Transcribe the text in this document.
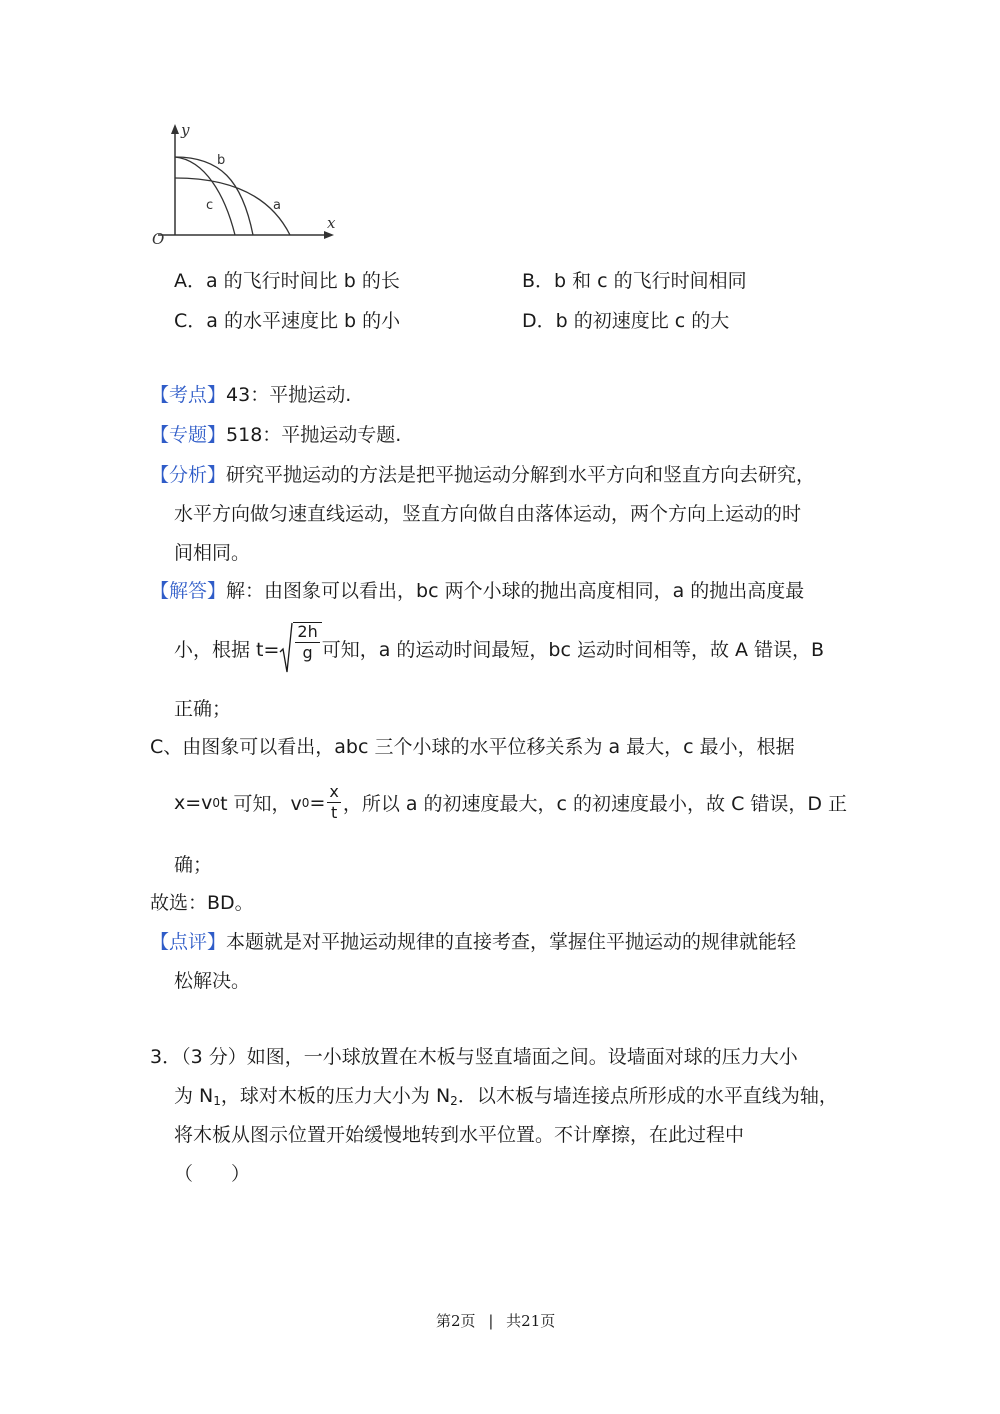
y
x
O
a
b
c
A．a 的飞行时间比 b 的长	B．b 和 c 的飞行时间相同
C．a 的水平速度比 b 的小	D．b 的初速度比 c 的大
【考点】43：平抛运动.
【专题】518：平抛运动专题.
【分析】研究平抛运动的方法是把平抛运动分解到水平方向和竖直方向去研究，
水平方向做匀速直线运动，竖直方向做自由落体运动，两个方向上运动的时
间相同。
【解答】解：由图象可以看出，bc 两个小球的抛出高度相同，a 的抛出高度最
小，根据 $t= \frac{2h}{g}$ 可知，a 的运动时间最短，bc 运动时间相等，故 A 错误，B
正确；
C、由图象可以看出，abc 三个小球的水平位移关系为 a 最大，c 最小，根据
x=v 0 t 可知，v $0 = \frac{x}{t}$ ，所以 a 的初速度最大，c 的初速度最小，故 C 错误，D 正
确；
故选：BD。
【点评】本题就是对平抛运动规律的直接考查，掌握住平抛运动的规律就能轻
松解决。
3．（3 分）如图，一小球放置在木板与竖直墙面之间。设墙面对球的压力大小
为 $N_1$，球对木板的压力大小为 $N_2$．以木板与墙连接点所形成的水平直线为轴，
将木板从图示位置开始缓慢地转到水平位置。不计摩擦，在此过程中
（　　）
第2页 | 共21页
